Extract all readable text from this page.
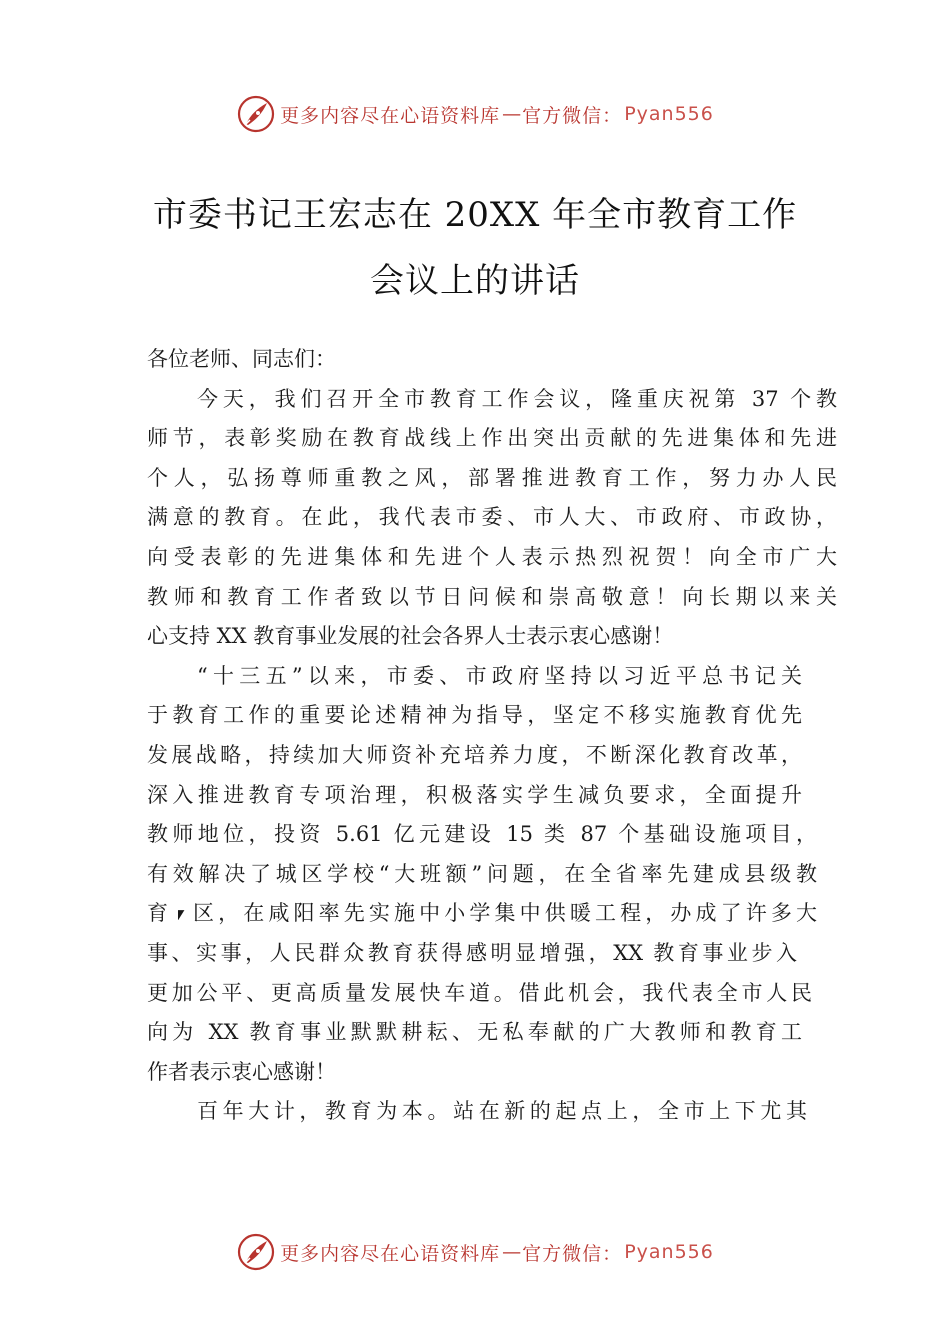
更多内容尽在心语资料库 — 官方微信： Pyan556
市委书记王宏志在 20XX 年全市教育工作
会议上的讲话
各位老师、同志们：
今天，我们召开全市教育工作会议，隆重庆祝第 37 个教
师节，表彰奖励在教育战线上作出突出贡献的先进集体和先进
个人，弘扬尊师重教之风，部署推进教育工作，努力办人民
满意的教育。在此，我代表市委、市人大、市政府、市政协，
向受表彰的先进集体和先进个人表示热烈祝贺！向全市广大
教师和教育工作者致以节日问候和崇高敬意！向长期以来关
心支持 XX 教育事业发展的社会各界人士表示衷心感谢！
“十三五”以来，市委、市政府坚持以习近平总书记关
于教育工作的重要论述精神为指导，坚定不移实施教育优先
发展战略，持续加大师资补充培养力度，不断深化教育改革，
深入推进教育专项治理，积极落实学生减负要求，全面提升
教师地位，投资 5.61 亿元建设 15 类 87 个基础设施项目，
有效解决了城区学校“大班额”问题，在全省率先建成县级教
育⎖区，在咸阳率先实施中小学集中供暖工程，办成了许多大
事、实事，人民群众教育获得感明显增强，XX 教育事业步入
更加公平、更高质量发展快车道。借此机会，我代表全市人民
向为 XX 教育事业默默耕耘、无私奉献的广大教师和教育工
作者表示衷心感谢！
百年大计，教育为本。站在新的起点上，全市上下尤其
更多内容尽在心语资料库 — 官方微信： Pyan556
